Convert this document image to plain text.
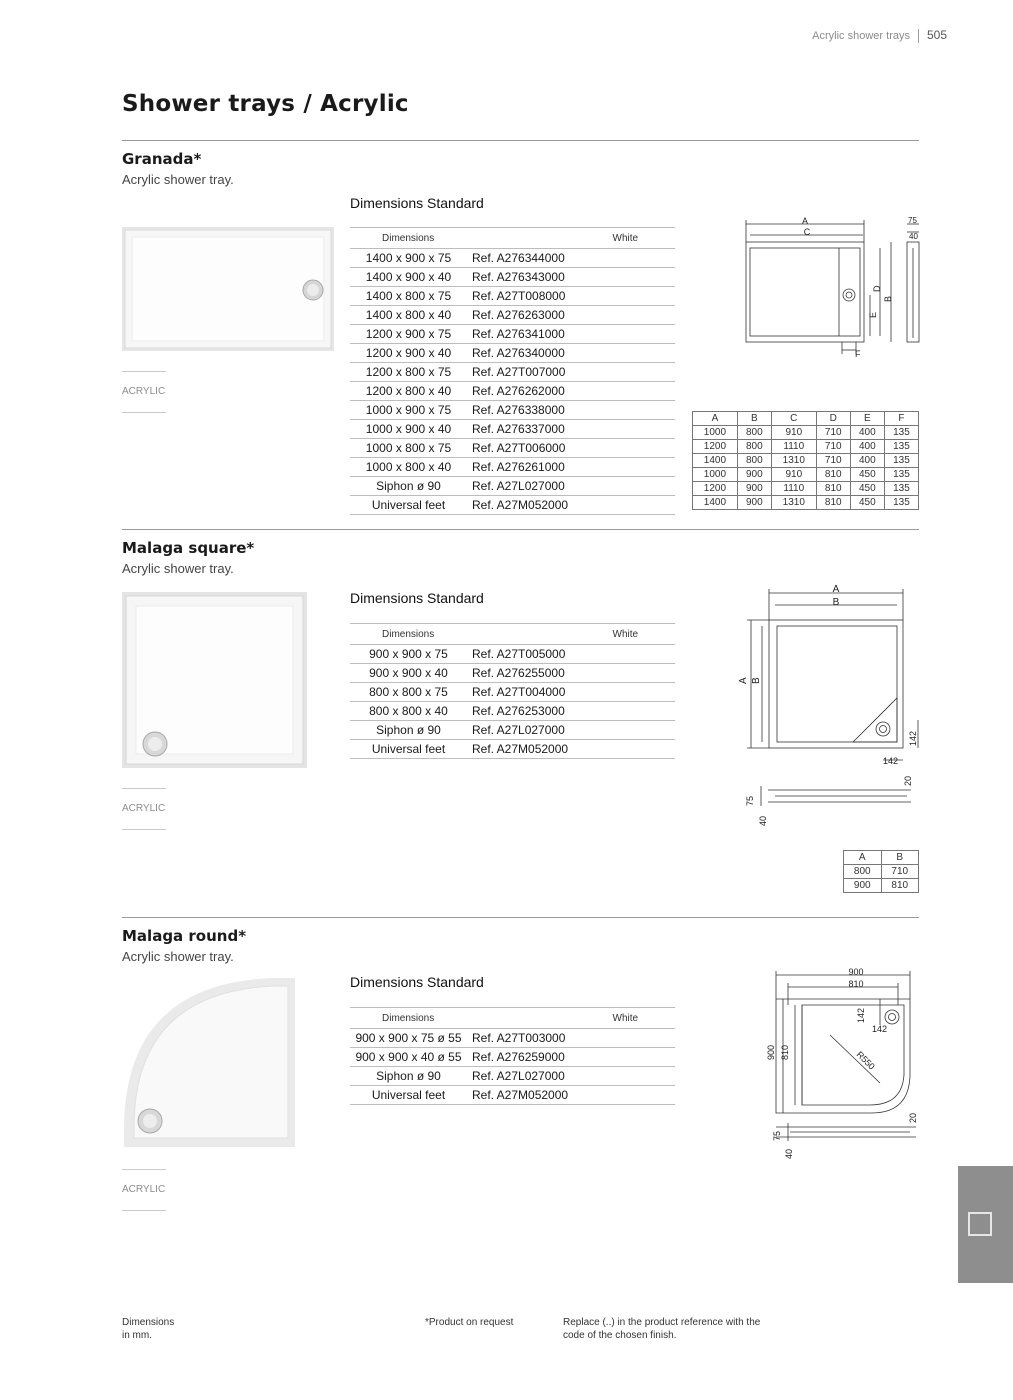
Acrylic shower trays 505
Shower trays / Acrylic
Granada*
Acrylic shower tray.
Dimensions Standard
ACRYLIC
Dimensions		White
1400 x 900 x 75	Ref. A276344000	
1400 x 900 x 40	Ref. A276343000	
1400 x 800 x 75	Ref. A27T008000	
1400 x 800 x 40	Ref. A276263000	
1200 x 900 x 75	Ref. A276341000	
1200 x 900 x 40	Ref. A276340000	
1200 x 800 x 75	Ref. A27T007000	
1200 x 800 x 40	Ref. A276262000	
1000 x 900 x 75	Ref. A276338000	
1000 x 900 x 40	Ref. A276337000	
1000 x 800 x 75	Ref. A27T006000	
1000 x 800 x 40	Ref. A276261000	
Siphon ø 90	Ref. A27L027000	
Universal feet	Ref. A27M052000	
A
C
D
B
E
F
75
40
A	B	C	D	E	F
1000	800	910	710	400	135
1200	800	1110	710	400	135
1400	800	1310	710	400	135
1000	900	910	810	450	135
1200	900	1110	810	450	135
1400	900	1310	810	450	135
Malaga square*
Acrylic shower tray.
Dimensions Standard
ACRYLIC
Dimensions		White
900 x 900 x 75	Ref. A27T005000	
900 x 900 x 40	Ref. A276255000	
800 x 800 x 75	Ref. A27T004000	
800 x 800 x 40	Ref. A276253000	
Siphon ø 90	Ref. A27L027000	
Universal feet	Ref. A27M052000	
A
B
A B
142
142
20
75
40
A	B
800	710
900	810
Malaga round*
Acrylic shower tray.
Dimensions Standard
ACRYLIC
Dimensions		White
900 x 900 x 75 ø 55	Ref. A27T003000	
900 x 900 x 40 ø 55	Ref. A276259000	
Siphon ø 90	Ref. A27L027000	
Universal feet	Ref. A27M052000	
900
810
900 810
142
142
R550
20
75
40
Dimensions
in mm.
*Product on request	Replace (..) in the product reference with the
code of the chosen finish.
